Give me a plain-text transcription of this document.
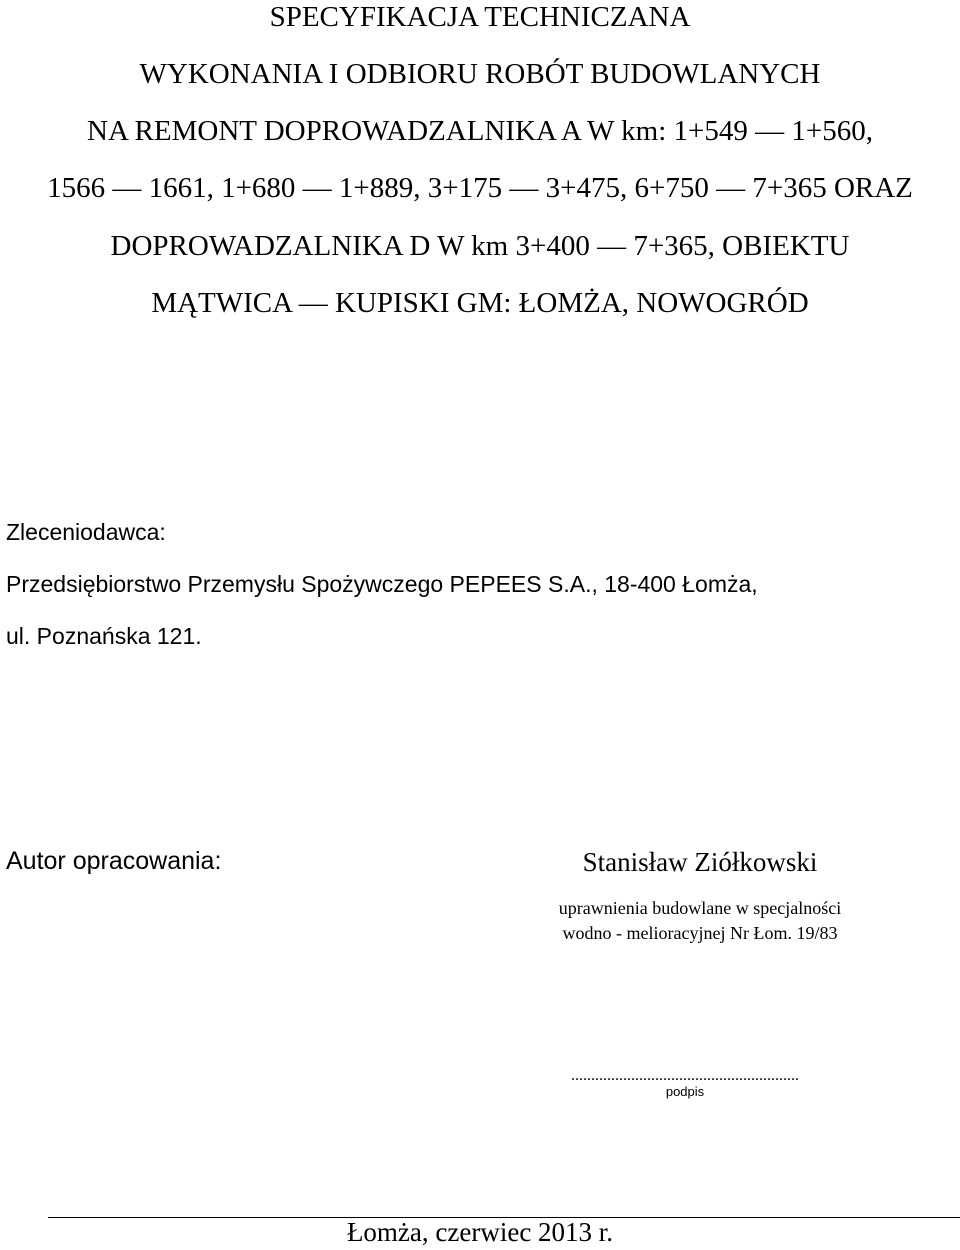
SPECYFIKACJA TECHNICZANA
WYKONANIA I ODBIORU ROBÓT BUDOWLANYCH
NA REMONT DOPROWADZALNIKA A W km: 1+549 — 1+560,
1566 — 1661, 1+680 — 1+889, 3+175 — 3+475, 6+750 — 7+365 ORAZ
DOPROWADZALNIKA D W km 3+400 — 7+365, OBIEKTU
MĄTWICA — KUPISKI GM: ŁOMŻA, NOWOGRÓD
Zleceniodawca:
Przedsiębiorstwo Przemysłu Spożywczego PEPEES S.A., 18-400 Łomża,
ul. Poznańska 121.
Autor opracowania:	Stanisław Ziółkowski
uprawnienia budowlane w specjalności
wodno - melioracyjnej Nr Łom. 19/83
.........................................................
podpis
Łomża, czerwiec 2013 r.
